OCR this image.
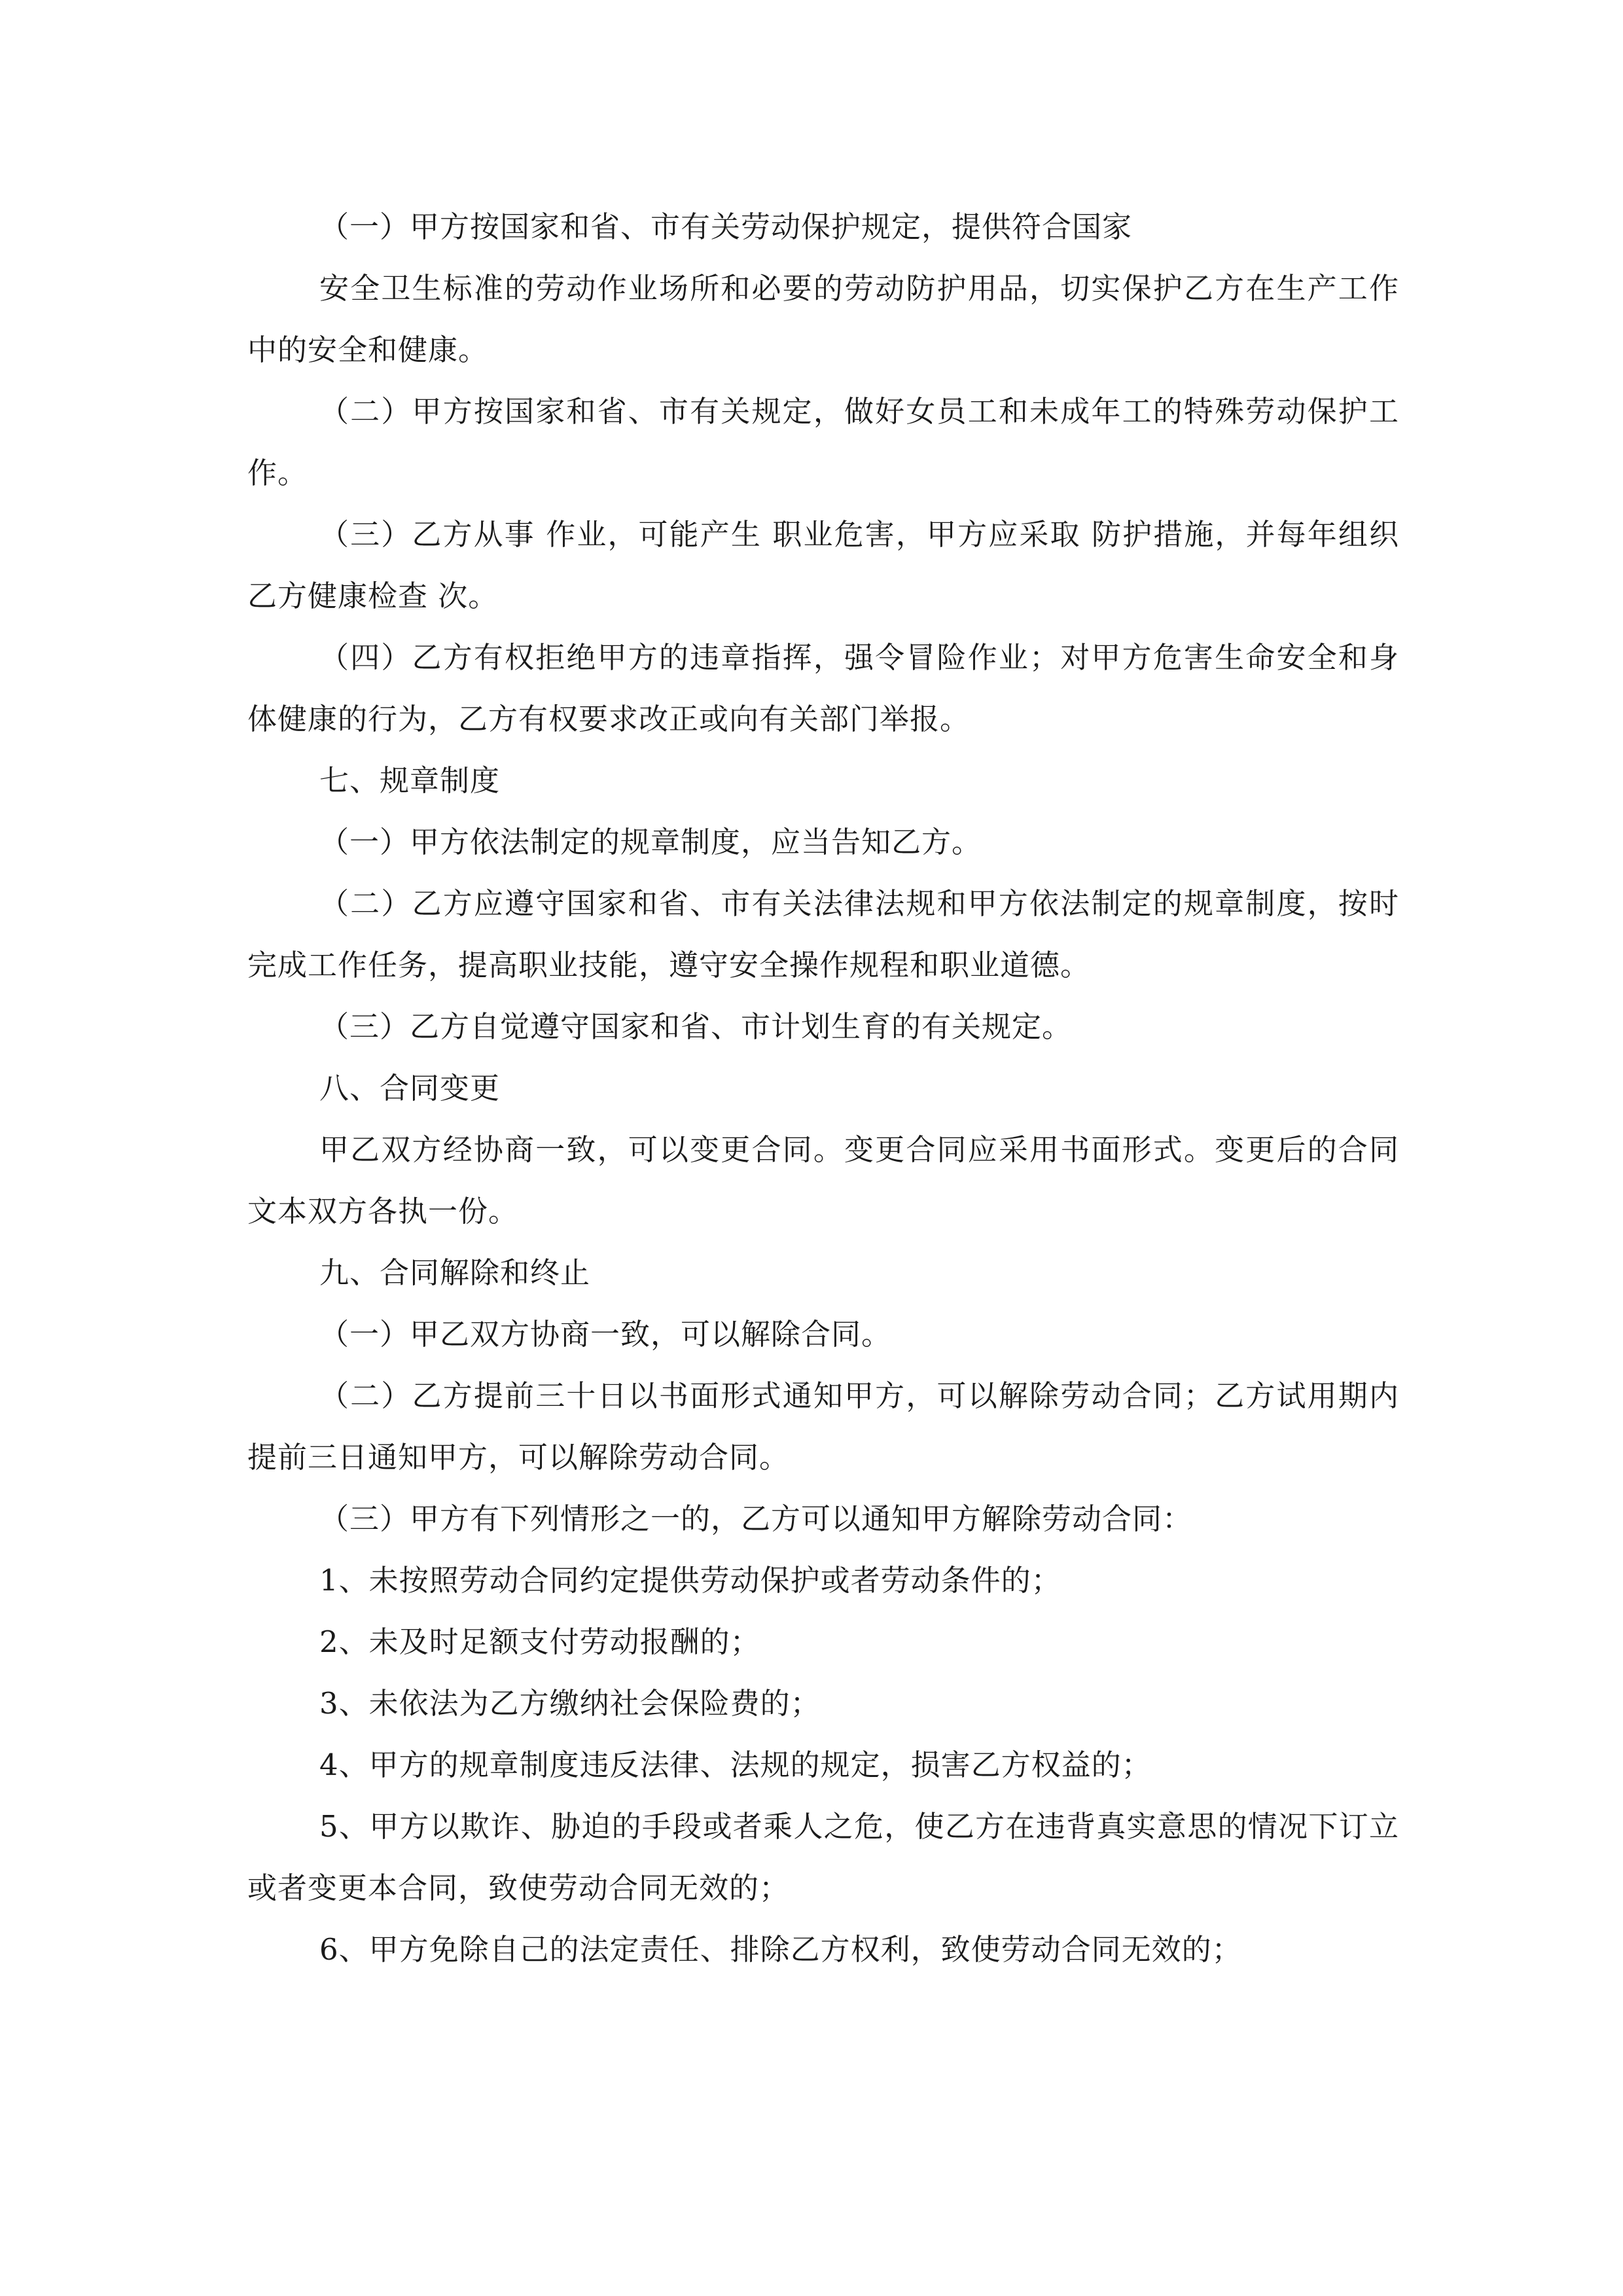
（一）甲方按国家和省、市有关劳动保护规定，提供符合国家

安全卫生标准的劳动作业场所和必要的劳动防护用品，切实保护乙方在生产工作中的安全和健康。

（二）甲方按国家和省、市有关规定，做好女员工和未成年工的特殊劳动保护工作。

（三）乙方从事 作业，可能产生 职业危害，甲方应采取 防护措施，并每年组织乙方健康检查 次。

（四）乙方有权拒绝甲方的违章指挥，强令冒险作业；对甲方危害生命安全和身体健康的行为，乙方有权要求改正或向有关部门举报。

七、规章制度

（一）甲方依法制定的规章制度，应当告知乙方。

（二）乙方应遵守国家和省、市有关法律法规和甲方依法制定的规章制度，按时完成工作任务，提高职业技能，遵守安全操作规程和职业道德。

（三）乙方自觉遵守国家和省、市计划生育的有关规定。

八、合同变更

甲乙双方经协商一致，可以变更合同。变更合同应采用书面形式。变更后的合同文本双方各执一份。

九、合同解除和终止

（一）甲乙双方协商一致，可以解除合同。

（二）乙方提前三十日以书面形式通知甲方，可以解除劳动合同；乙方试用期内提前三日通知甲方，可以解除劳动合同。

（三）甲方有下列情形之一的，乙方可以通知甲方解除劳动合同：

1、未按照劳动合同约定提供劳动保护或者劳动条件的；

2、未及时足额支付劳动报酬的；

3、未依法为乙方缴纳社会保险费的；

4、甲方的规章制度违反法律、法规的规定，损害乙方权益的；

5、甲方以欺诈、胁迫的手段或者乘人之危，使乙方在违背真实意思的情况下订立或者变更本合同，致使劳动合同无效的；

6、甲方免除自己的法定责任、排除乙方权利，致使劳动合同无效的；
